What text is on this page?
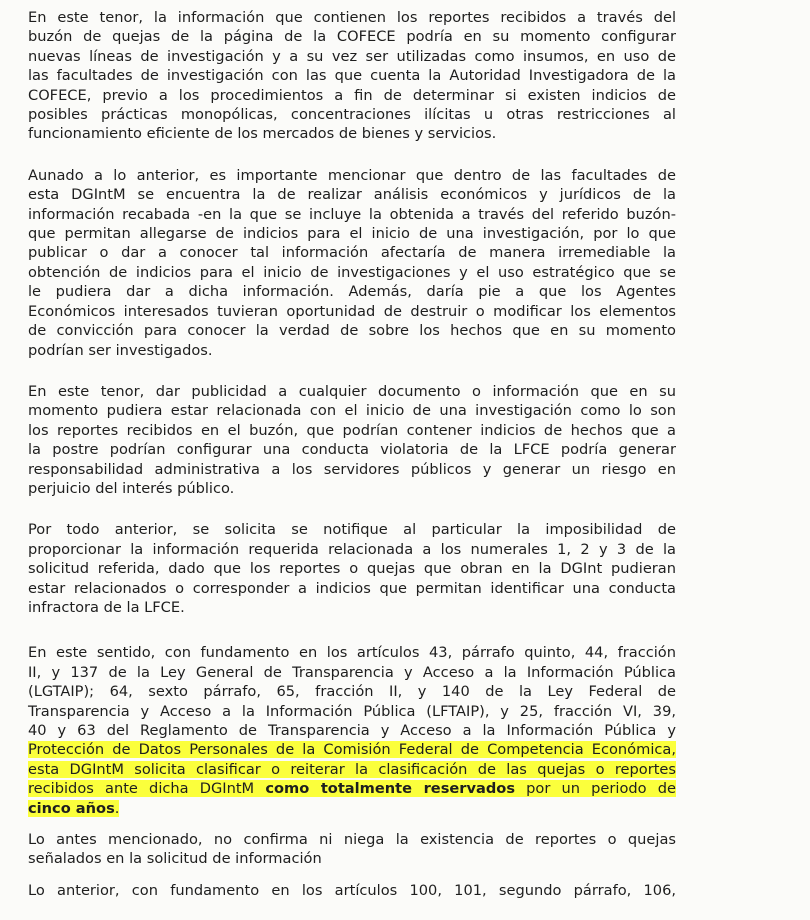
En este tenor, la información que contienen los reportes recibidos a través del
buzón de quejas de la página de la COFECE podría en su momento configurar
nuevas líneas de investigación y a su vez ser utilizadas como insumos, en uso de
las facultades de investigación con las que cuenta la Autoridad Investigadora de la
COFECE, previo a los procedimientos a fin de determinar si existen indicios de
posibles prácticas monopólicas, concentraciones ilícitas u otras restricciones al
funcionamiento eficiente de los mercados de bienes y servicios.
Aunado a lo anterior, es importante mencionar que dentro de las facultades de
esta DGIntM se encuentra la de realizar análisis económicos y jurídicos de la
información recabada -en la que se incluye la obtenida a través del referido buzón-
que permitan allegarse de indicios para el inicio de una investigación, por lo que
publicar o dar a conocer tal información afectaría de manera irremediable la
obtención de indicios para el inicio de investigaciones y el uso estratégico que se
le pudiera dar a dicha información. Además, daría pie a que los Agentes
Económicos interesados tuvieran oportunidad de destruir o modificar los elementos
de convicción para conocer la verdad de sobre los hechos que en su momento
podrían ser investigados.
En este tenor, dar publicidad a cualquier documento o información que en su
momento pudiera estar relacionada con el inicio de una investigación como lo son
los reportes recibidos en el buzón, que podrían contener indicios de hechos que a
la postre podrían configurar una conducta violatoria de la LFCE podría generar
responsabilidad administrativa a los servidores públicos y generar un riesgo en
perjuicio del interés público.
Por todo anterior, se solicita se notifique al particular la imposibilidad de
proporcionar la información requerida relacionada a los numerales 1, 2 y 3 de la
solicitud referida, dado que los reportes o quejas que obran en la DGInt pudieran
estar relacionados o corresponder a indicios que permitan identificar una conducta
infractora de la LFCE.
En este sentido, con fundamento en los artículos 43, párrafo quinto, 44, fracción
II, y 137 de la Ley General de Transparencia y Acceso a la Información Pública
(LGTAIP); 64, sexto párrafo, 65, fracción II, y 140 de la Ley Federal de
Transparencia y Acceso a la Información Pública (LFTAIP), y 25, fracción VI, 39,
40 y 63 del Reglamento de Transparencia y Acceso a la Información Pública y
Protección de Datos Personales de la Comisión Federal de Competencia Económica,
esta DGIntM solicita clasificar o reiterar la clasificación de las quejas o reportes
recibidos ante dicha DGIntM como totalmente reservados por un periodo de
cinco años.
Lo antes mencionado, no confirma ni niega la existencia de reportes o quejas
señalados en la solicitud de información
Lo anterior, con fundamento en los artículos 100, 101, segundo párrafo, 106,
